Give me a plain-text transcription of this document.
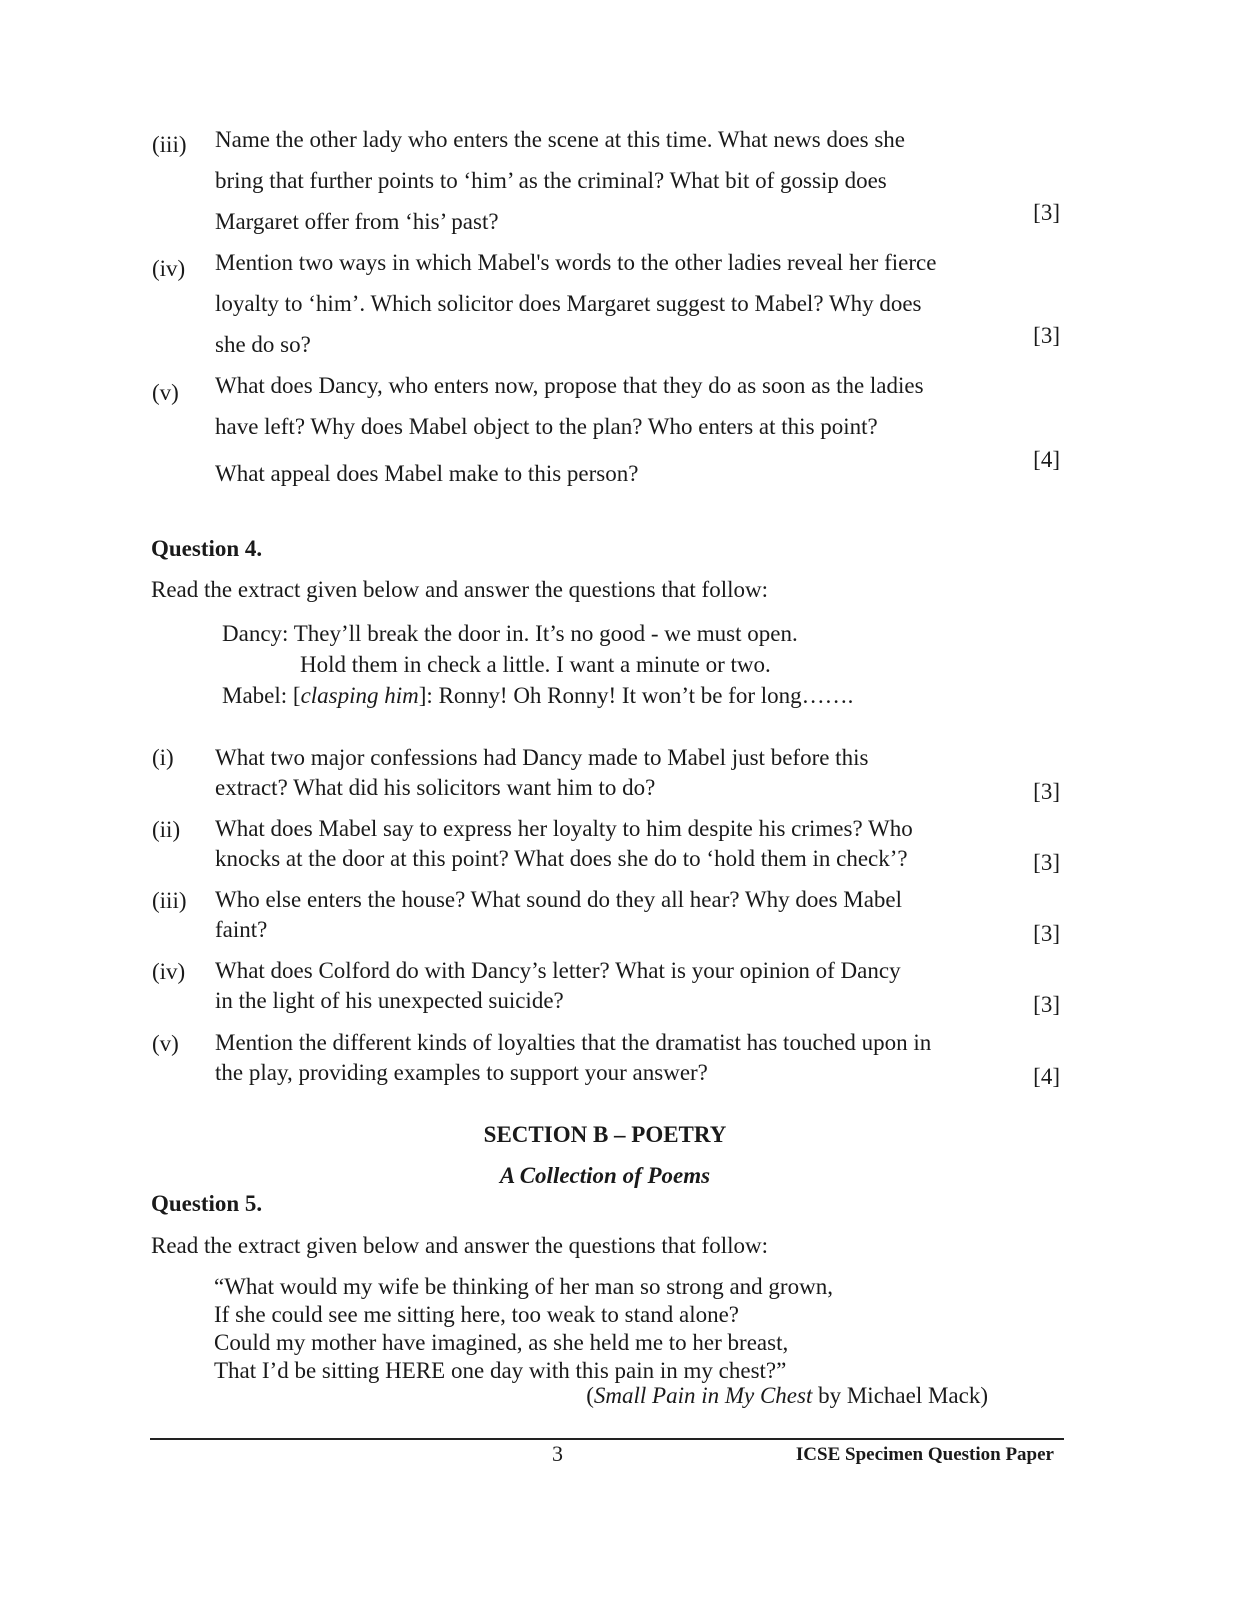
(iii) Name the other lady who enters the scene at this time. What news does she
bring that further points to ‘him’ as the criminal? What bit of gossip does
Margaret offer from ‘his’ past?	[3]
(iv) Mention two ways in which Mabel's words to the other ladies reveal her fierce
loyalty to ‘him’. Which solicitor does Margaret suggest to Mabel? Why does
she do so?	[3]
(v) What does Dancy, who enters now, propose that they do as soon as the ladies
have left? Why does Mabel object to the plan? Who enters at this point?
What appeal does Mabel make to this person?
[4]
Question 4.
Read the extract given below and answer the questions that follow:
Dancy: They’ll break the door in. It’s no good - we must open.
Hold them in check a little. I want a minute or two.
Mabel: [clasping him]: Ronny! Oh Ronny! It won’t be for long…….
(i) What two major confessions had Dancy made to Mabel just before this
extract? What did his solicitors want him to do?	[3]
(ii) What does Mabel say to express her loyalty to him despite his crimes? Who
knocks at the door at this point? What does she do to ‘hold them in check’?	[3]
(iii) Who else enters the house? What sound do they all hear? Why does Mabel
faint?	[3]
(iv) What does Colford do with Dancy’s letter? What is your opinion of Dancy
in the light of his unexpected suicide?	[3]
(v) Mention the different kinds of loyalties that the dramatist has touched upon in
the play, providing examples to support your answer?	[4]
SECTION B – POETRY
A Collection of Poems
Question 5.
Read the extract given below and answer the questions that follow:
“What would my wife be thinking of her man so strong and grown,
If she could see me sitting here, too weak to stand alone?
Could my mother have imagined, as she held me to her breast,
That I’d be sitting HERE one day with this pain in my chest?”
(Small Pain in My Chest by Michael Mack)
3	ICSE Specimen Question Paper
